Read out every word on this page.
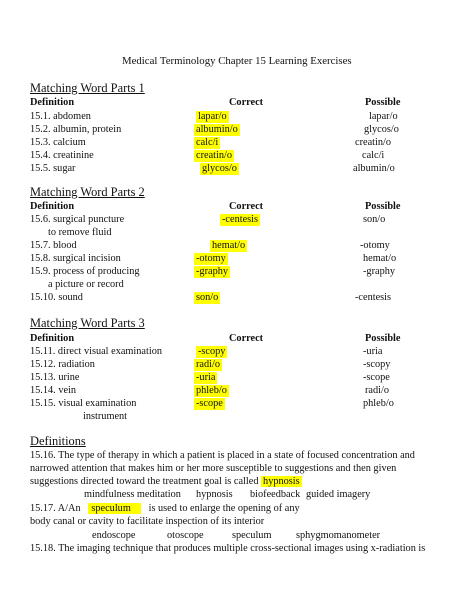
Medical Terminology Chapter 15 Learning Exercises
Matching Word Parts 1
Definition	Correct	Possible
15.1. abdomen	lapar/o	lapar/o
15.2. albumin, protein	albumin/o	glycos/o
15.3. calcium	calc/i	creatin/o
15.4. creatinine	creatin/o	calc/i
15.5. sugar	glycos/o	albumin/o
Matching Word Parts 2
Definition	Correct	Possible
15.6. surgical puncture
to remove fluid
-centesis	son/o
15.7. blood	hemat/o	-otomy
15.8. surgical incision	-otomy	hemat/o
15.9. process of producing
a picture or record
-graphy	-graphy
15.10. sound	son/o	-centesis
Matching Word Parts 3
Definition	Correct	Possible
15.11. direct visual examination	-scopy	-uria
15.12. radiation	radi/o	-scopy
15.13. urine	-uria	-scope
15.14. vein	phleb/o	radi/o
15.15. visual examination
instrument
-scope	phleb/o
Definitions
15.16. The type of therapy in which a patient is placed in a state of focused concentration and
narrowed attention that makes him or her more susceptible to suggestions and then given
suggestions directed toward the treatment goal is called hypnosis
mindfulness meditation hypnosis biofeedback guided imagery
15.17. A/An speculum is used to enlarge the opening of any
body canal or cavity to facilitate inspection of its interior
endoscope	otoscope	speculum sphygmomanometer
15.18. The imaging technique that produces multiple cross-sectional images using x-radiation is
